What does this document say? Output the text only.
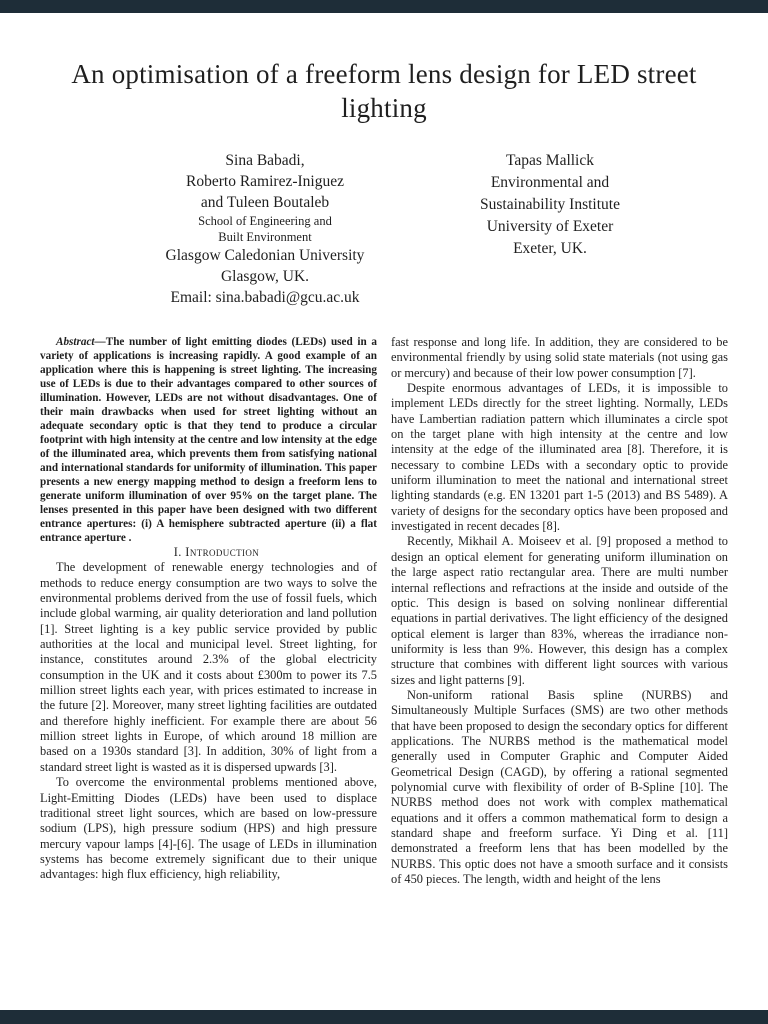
An optimisation of a freeform lens design for LED street lighting
Sina Babadi,
Roberto Ramirez-Iniguez
and Tuleen Boutaleb
School of Engineering and
Built Environment
Glasgow Caledonian University
Glasgow, UK.
Email: sina.babadi@gcu.ac.uk
Tapas Mallick
Environmental and
Sustainability Institute
University of Exeter
Exeter, UK.

Abstract—The number of light emitting diodes (LEDs) used in a variety of applications is increasing rapidly. A good example of an application where this is happening is street lighting. The increasing use of LEDs is due to their advantages compared to other sources of illumination. However, LEDs are not without disadvantages. One of their main drawbacks when used for street lighting without an adequate secondary optic is that they tend to produce a circular footprint with high intensity at the centre and low intensity at the edge of the illuminated area, which prevents them from satisfying national and international standards for uniformity of illumination. This paper presents a new energy mapping method to design a freeform lens to generate uniform illumination of over 95% on the target plane. The lenses presented in this paper have been designed with two different entrance apertures: (i) A hemisphere subtracted aperture (ii) a flat entrance aperture .

I. Introduction

The development of renewable energy technologies and of methods to reduce energy consumption are two ways to solve the environmental problems derived from the use of fossil fuels, which include global warming, air quality deterioration and land pollution [1]. Street lighting is a key public service provided by public authorities at the local and municipal level. Street lighting, for instance, constitutes around 2.3% of the global electricity consumption in the UK and it costs about £300m to power its 7.5 million street lights each year, with prices estimated to increase in the future [2]. Moreover, many street lighting facilities are outdated and therefore highly inefficient. For example there are about 56 million street lights in Europe, of which around 18 million are based on a 1930s standard [3]. In addition, 30% of light from a standard street light is wasted as it is dispersed upwards [3].

To overcome the environmental problems mentioned above, Light-Emitting Diodes (LEDs) have been used to displace traditional street light sources, which are based on low-pressure sodium (LPS), high pressure sodium (HPS) and high pressure mercury vapour lamps [4]-[6]. The usage of LEDs in illumination systems has become extremely significant due to their unique advantages: high flux efficiency, high reliability,

fast response and long life. In addition, they are considered to be environmental friendly by using solid state materials (not using gas or mercury) and because of their low power consumption [7].

Despite enormous advantages of LEDs, it is impossible to implement LEDs directly for the street lighting. Normally, LEDs have Lambertian radiation pattern which illuminates a circle spot on the target plane with high intensity at the centre and low intensity at the edge of the illuminated area [8]. Therefore, it is necessary to combine LEDs with a secondary optic to provide uniform illumination to meet the national and international street lighting standards (e.g. EN 13201 part 1-5 (2013) and BS 5489). A variety of designs for the secondary optics have been proposed and investigated in recent decades [8].

Recently, Mikhail A. Moiseev et al. [9] proposed a method to design an optical element for generating uniform illumination on the large aspect ratio rectangular area. There are multi number internal reflections and refractions at the inside and outside of the optic. This design is based on solving nonlinear differential equations in partial derivatives. The light efficiency of the designed optical element is larger than 83%, whereas the irradiance non-uniformity is less than 9%. However, this design has a complex structure that combines with different light sources with various sizes and light patterns [9].

Non-uniform rational Basis spline (NURBS) and Simultaneously Multiple Surfaces (SMS) are two other methods that have been proposed to design the secondary optics for different applications. The NURBS method is the mathematical model generally used in Computer Graphic and Computer Aided Geometrical Design (CAGD), by offering a rational segmented polynomial curve with flexibility of order of B-Spline [10]. The NURBS method does not work with complex mathematical equations and it offers a common mathematical form to design a standard shape and freeform surface. Yi Ding et al. [11] demonstrated a freeform lens that has been modelled by the NURBS. This optic does not have a smooth surface and it consists of 450 pieces. The length, width and height of the lens
